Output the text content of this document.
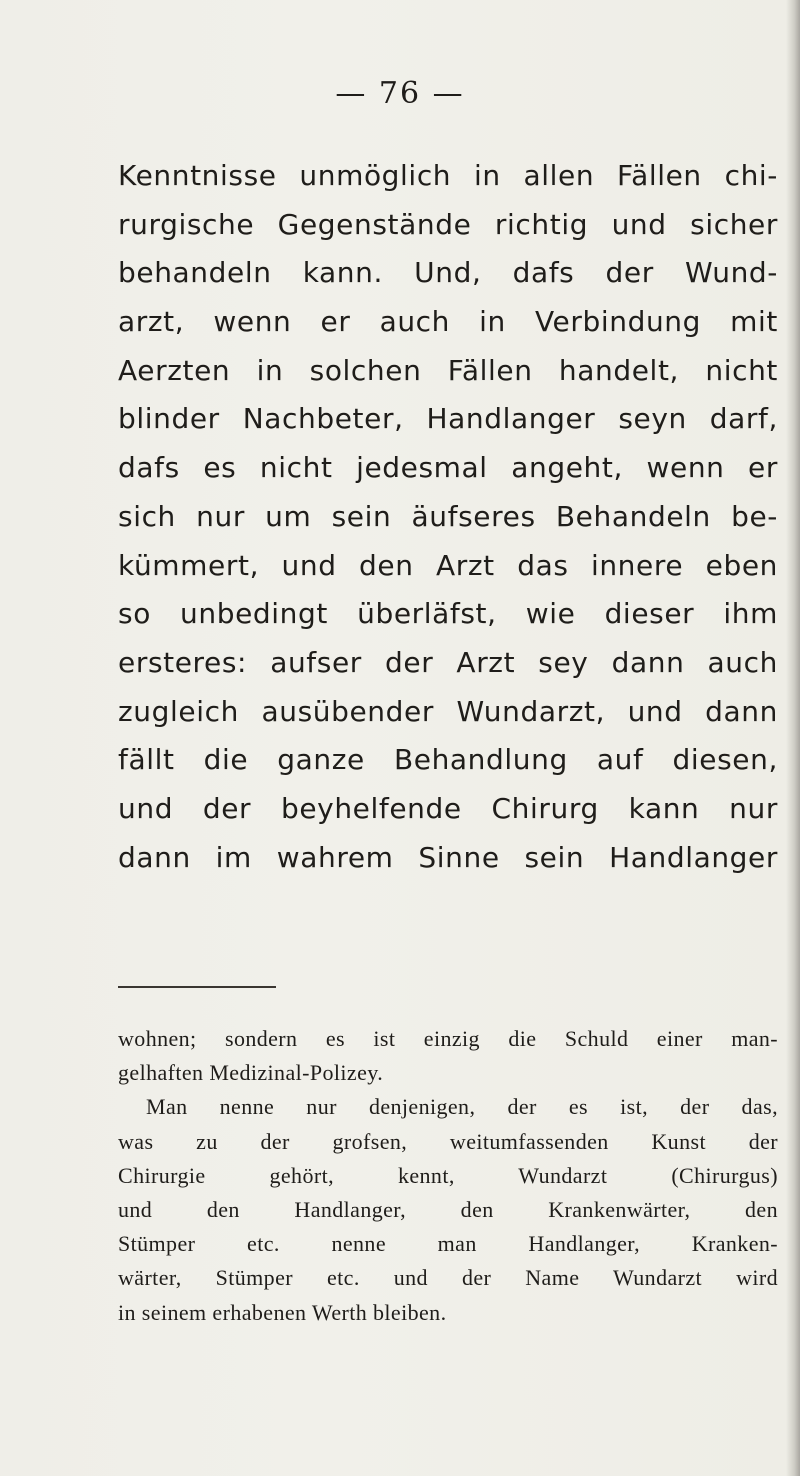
— 76 —
Kenntnisse unmöglich in allen Fällen chi-
rurgische Gegenstände richtig und sicher
behandeln kann. Und, dafs der Wund-
arzt, wenn er auch in Verbindung mit
Aerzten in solchen Fällen handelt, nicht
blinder Nachbeter, Handlanger seyn darf,
dafs es nicht jedesmal angeht, wenn er
sich nur um sein äufseres Behandeln be-
kümmert, und den Arzt das innere eben
so unbedingt überläfst, wie dieser ihm
ersteres: aufser der Arzt sey dann auch
zugleich ausübender Wundarzt, und dann
fällt die ganze Behandlung auf diesen,
und der beyhelfende Chirurg kann nur
dann im wahrem Sinne sein Handlanger
wohnen; sondern es ist einzig die Schuld einer man-
gelhaften Medizinal-Polizey.
Man nenne nur denjenigen, der es ist, der das,
was zu der grofsen, weitumfassenden Kunst der
Chirurgie gehört, kennt, Wundarzt (Chirurgus)
und den Handlanger, den Krankenwärter, den
Stümper etc. nenne man Handlanger, Kranken-
wärter, Stümper etc. und der Name Wundarzt wird
in seinem erhabenen Werth bleiben.
